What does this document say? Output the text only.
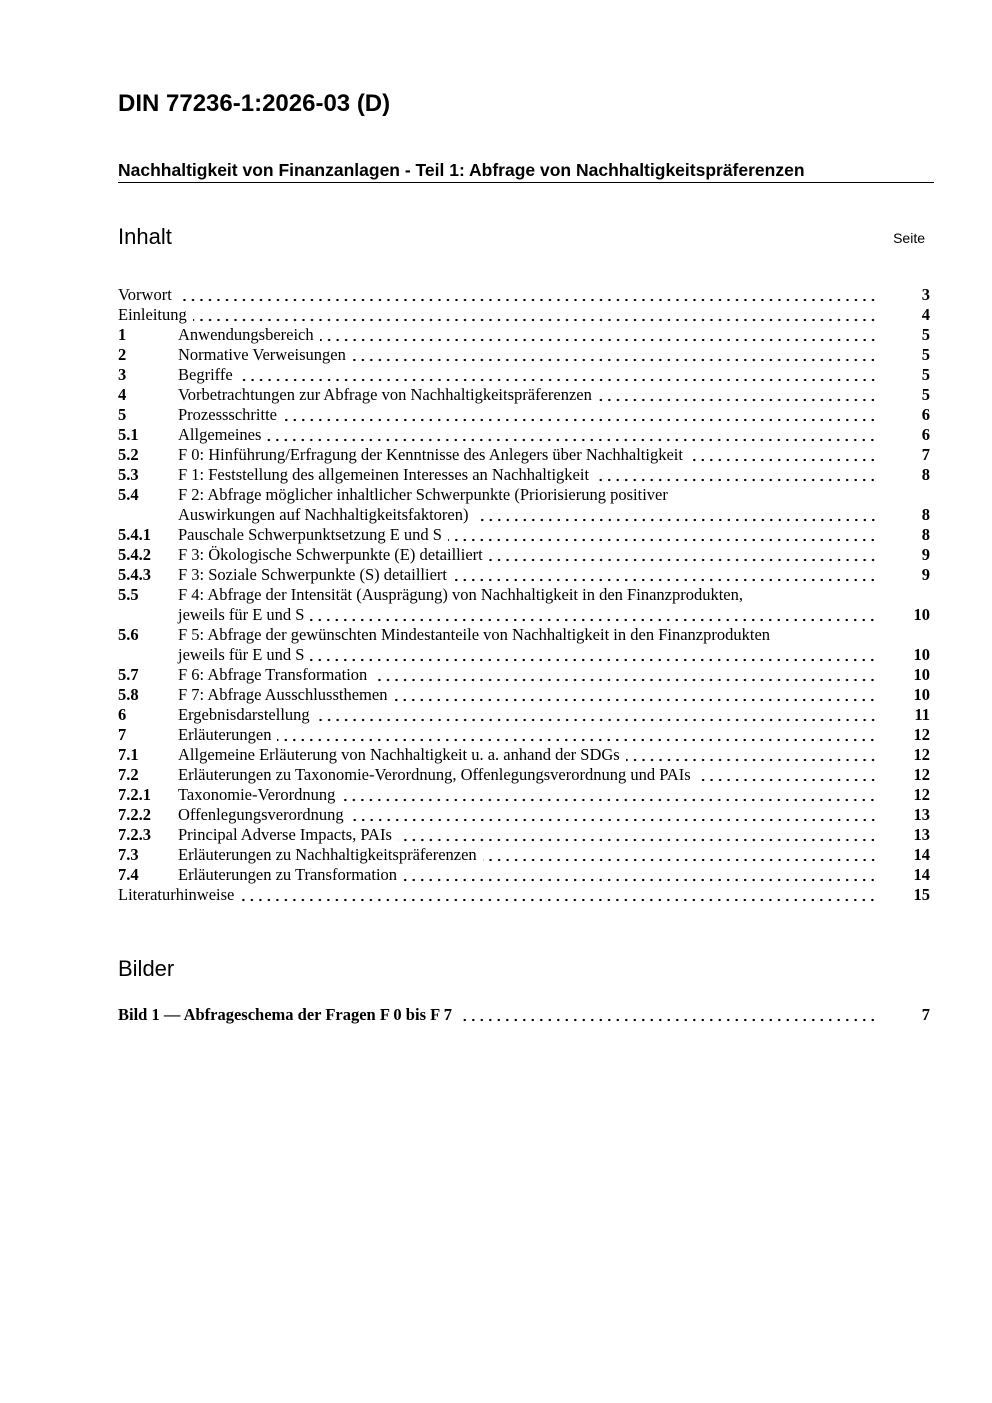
DIN 77236-1:2026-03 (D)
Nachhaltigkeit von Finanzanlagen - Teil 1: Abfrage von Nachhaltigkeitspräferenzen
Inhalt	Seite
Vorwort	3
Einleitung	4
1	Anwendungsbereich	5
2	Normative Verweisungen	5
3	Begriffe	5
4	Vorbetrachtungen zur Abfrage von Nachhaltigkeitspräferenzen	5
5	Prozessschritte	6
5.1	Allgemeines	6
5.2	F 0: Hinführung/Erfragung der Kenntnisse des Anlegers über Nachhaltigkeit	7
5.3	F 1: Feststellung des allgemeinen Interesses an Nachhaltigkeit	8
5.4	F 2: Abfrage möglicher inhaltlicher Schwerpunkte (Priorisierung positiver
Auswirkungen auf Nachhaltigkeitsfaktoren)	8
5.4.1	Pauschale Schwerpunktsetzung E und S	8
5.4.2	F 3: Ökologische Schwerpunkte (E) detailliert	9
5.4.3	F 3: Soziale Schwerpunkte (S) detailliert	9
5.5	F 4: Abfrage der Intensität (Ausprägung) von Nachhaltigkeit in den Finanzprodukten,
jeweils für E und S	10
5.6	F 5: Abfrage der gewünschten Mindestanteile von Nachhaltigkeit in den Finanzprodukten
jeweils für E und S	10
5.7	F 6: Abfrage Transformation	10
5.8	F 7: Abfrage Ausschlussthemen	10
6	Ergebnisdarstellung	11
7	Erläuterungen	12
7.1	Allgemeine Erläuterung von Nachhaltigkeit u. a. anhand der SDGs	12
7.2	Erläuterungen zu Taxonomie-Verordnung, Offenlegungsverordnung und PAIs	12
7.2.1	Taxonomie-Verordnung	12
7.2.2	Offenlegungsverordnung	13
7.2.3	Principal Adverse Impacts, PAIs	13
7.3	Erläuterungen zu Nachhaltigkeitspräferenzen	14
7.4	Erläuterungen zu Transformation	14
Literaturhinweise	15
Bilder
Bild 1 — Abfrageschema der Fragen F 0 bis F 7	7
